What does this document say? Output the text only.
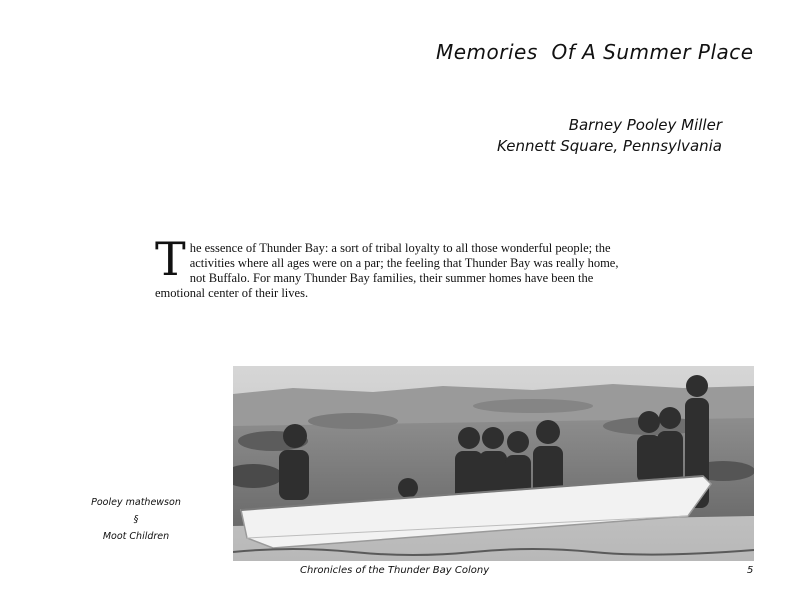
Memories  Of A Summer Place
Barney Pooley Miller
Kennett Square, Pennsylvania
The essence of Thunder Bay: a sort of tribal loyalty to all those wonderful people; the activities where all ages were on a par; the feeling that Thunder Bay was really home, not Buffalo. For many Thunder Bay families, their summer homes have been the emotional center of their lives.
Pooley mathewson
§
Moot Children
Chronicles of the Thunder Bay Colony	5
